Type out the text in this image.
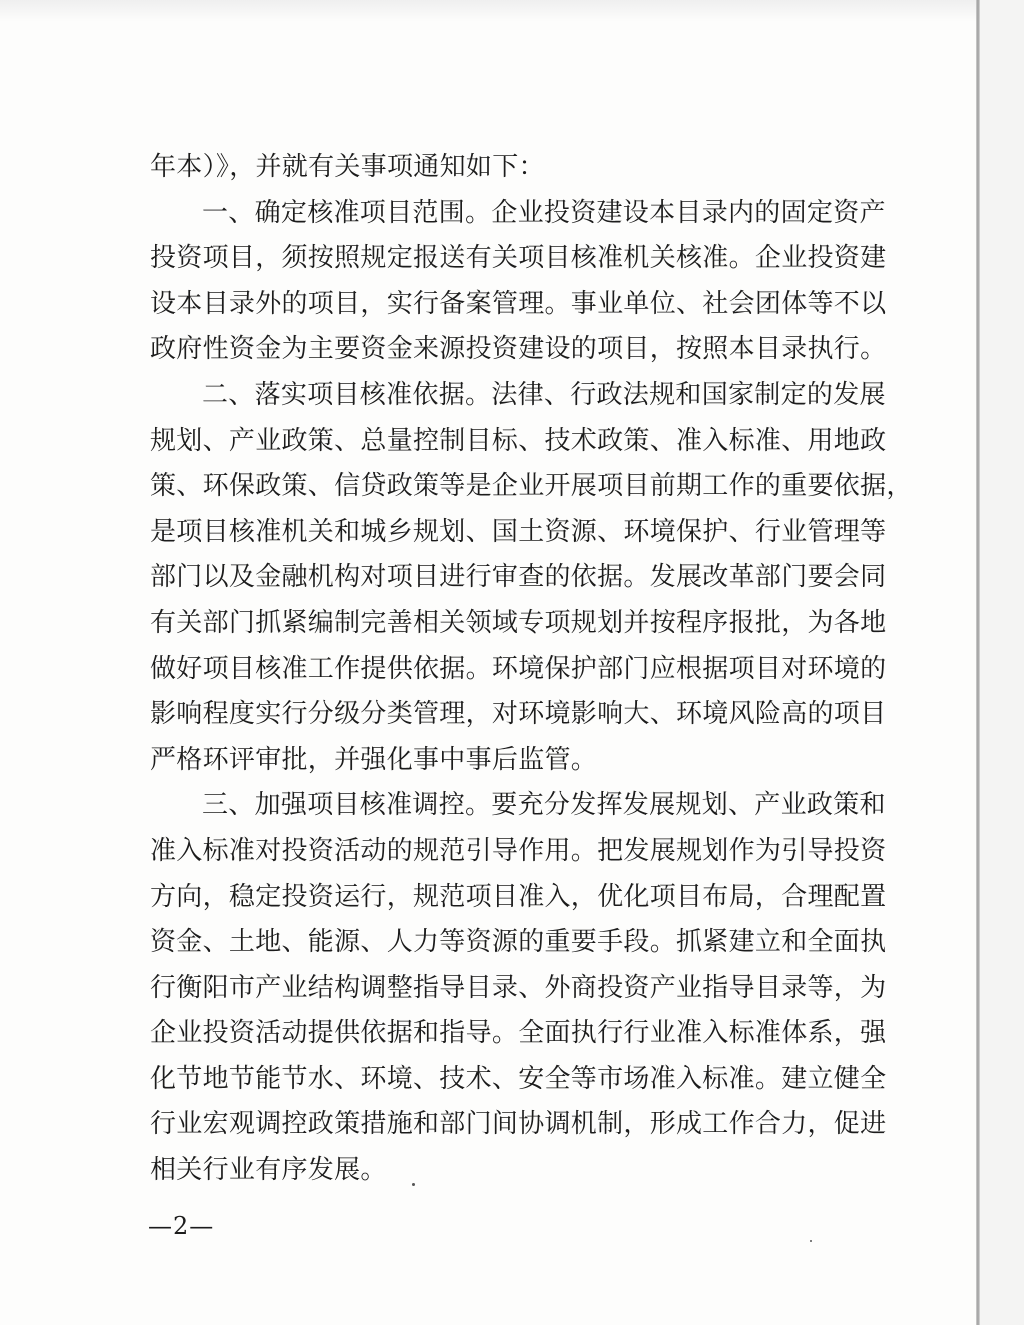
年本）》，并就有关事项通知如下：
一、确定核准项目范围。企业投资建设本目录内的固定资产
投资项目，须按照规定报送有关项目核准机关核准。企业投资建
设本目录外的项目，实行备案管理。事业单位、社会团体等不以
政府性资金为主要资金来源投资建设的项目，按照本目录执行。
二、落实项目核准依据。法律、行政法规和国家制定的发展
规划、产业政策、总量控制目标、技术政策、准入标准、用地政
策、环保政策、信贷政策等是企业开展项目前期工作的重要依据，
是项目核准机关和城乡规划、国土资源、环境保护、行业管理等
部门以及金融机构对项目进行审查的依据。发展改革部门要会同
有关部门抓紧编制完善相关领域专项规划并按程序报批，为各地
做好项目核准工作提供依据。环境保护部门应根据项目对环境的
影响程度实行分级分类管理，对环境影响大、环境风险高的项目
严格环评审批，并强化事中事后监管。
三、加强项目核准调控。要充分发挥发展规划、产业政策和
准入标准对投资活动的规范引导作用。把发展规划作为引导投资
方向，稳定投资运行，规范项目准入，优化项目布局，合理配置
资金、土地、能源、人力等资源的重要手段。抓紧建立和全面执
行衡阳市产业结构调整指导目录、外商投资产业指导目录等，为
企业投资活动提供依据和指导。全面执行行业准入标准体系，强
化节地节能节水、环境、技术、安全等市场准入标准。建立健全
行业宏观调控政策措施和部门间协调机制，形成工作合力，促进
相关行业有序发展。
—2—
